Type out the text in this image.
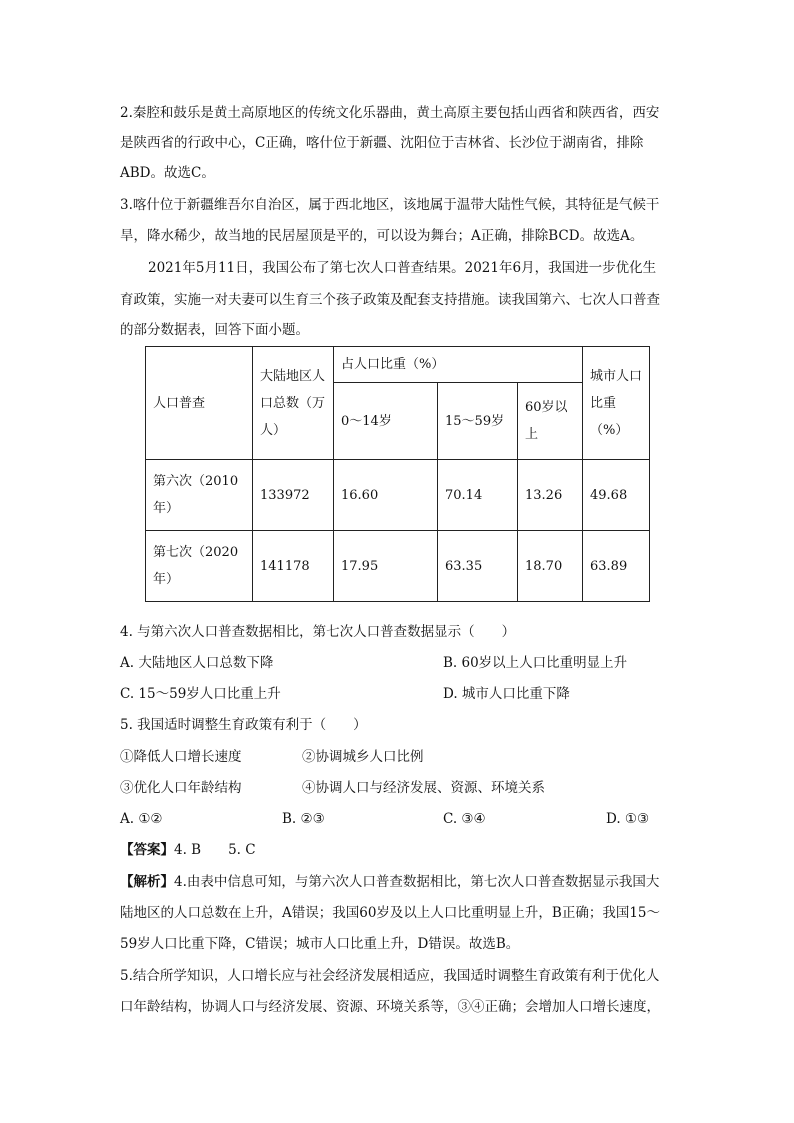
2.秦腔和鼓乐是黄土高原地区的传统文化乐器曲，黄土高原主要包括山西省和陕西省，西安
是陕西省的行政中心，C正确，喀什位于新疆、沈阳位于吉林省、长沙位于湖南省，排除
ABD。故选C。
3.喀什位于新疆维吾尔自治区，属于西北地区，该地属于温带大陆性气候，其特征是气候干
旱，降水稀少，故当地的民居屋顶是平的，可以设为舞台；A正确，排除BCD。故选A。
2021年5月11日，我国公布了第七次人口普查结果。2021年6月，我国进一步优化生
育政策，实施一对夫妻可以生育三个孩子政策及配套支持措施。读我国第六、七次人口普查
的部分数据表，回答下面小题。
人口普查	大陆地区人口总数（万人）	占人口比重（%）			城市人口比重（%）
		0～14岁	15～59岁	60岁以上	
第六次（2010年）	133972	16.60	70.14	13.26	49.68
第七次（2020年）	141178	17.95	63.35	18.70	63.89
4. 与第六次人口普查数据相比，第七次人口普查数据显示（　　）
A. 大陆地区人口总数下降	B. 60岁以上人口比重明显上升
C. 15～59岁人口比重上升	D. 城市人口比重下降
5. 我国适时调整生育政策有利于（　　）
①降低人口增长速度	②协调城乡人口比例
③优化人口年龄结构	④协调人口与经济发展、资源、环境关系
A. ①②	B. ②③	C. ③④	D. ①③
【答案】4. B　　5. C
【解析】4.由表中信息可知，与第六次人口普查数据相比，第七次人口普查数据显示我国大
陆地区的人口总数在上升，A错误；我国60岁及以上人口比重明显上升，B正确；我国15～
59岁人口比重下降，C错误；城市人口比重上升，D错误。故选B。
5.结合所学知识，人口增长应与社会经济发展相适应，我国适时调整生育政策有利于优化人
口年龄结构，协调人口与经济发展、资源、环境关系等，③④正确；会增加人口增长速度，
